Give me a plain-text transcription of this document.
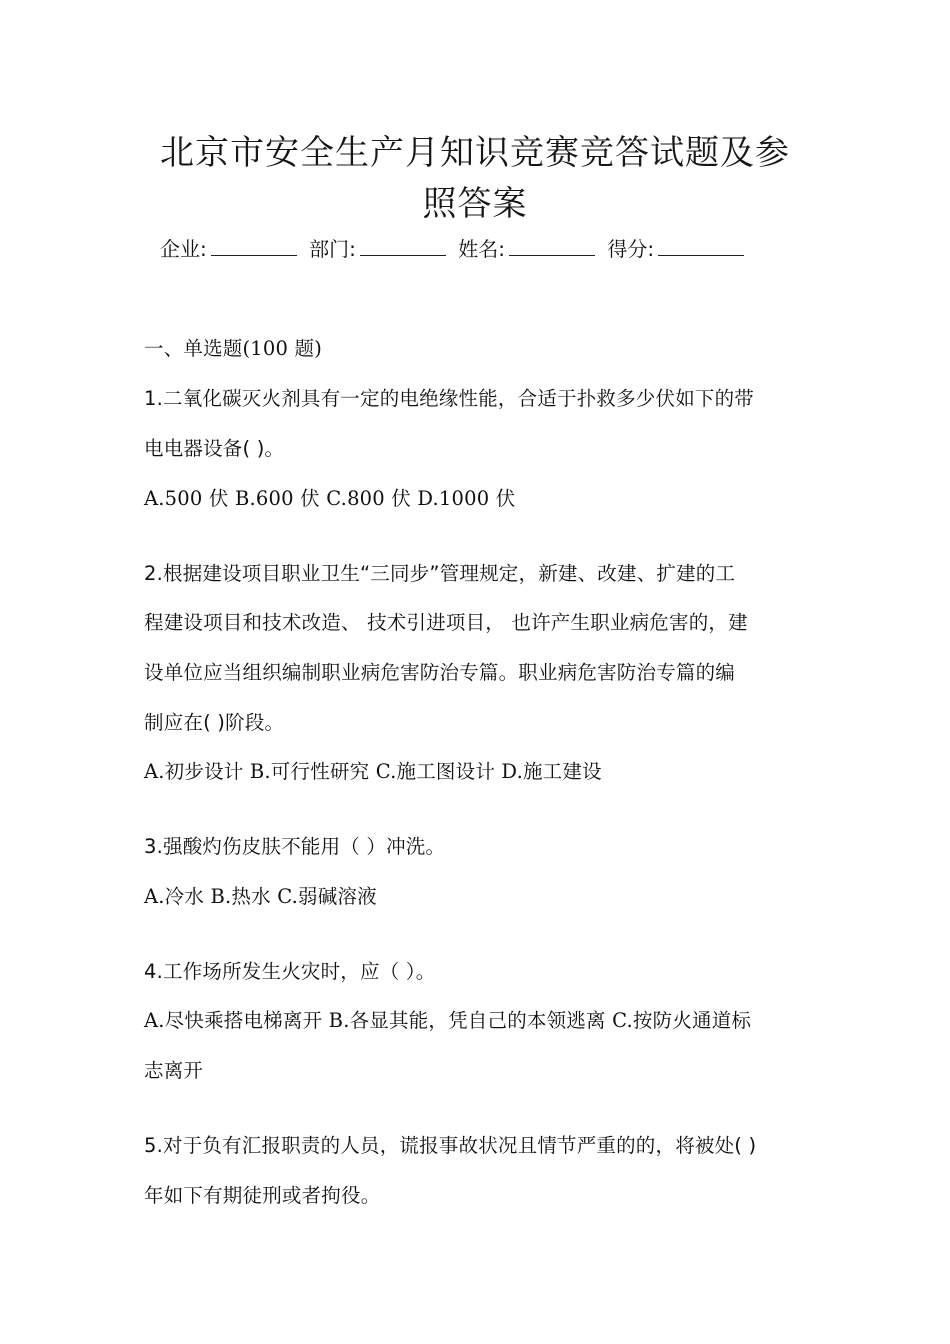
北京市安全生产月知识竞赛竞答试题及参
照答案
企业:	部门:	姓名:	得分:
一、单选题(100 题)
1.二氧化碳灭火剂具有一定的电绝缘性能，合适于扑救多少伏如下的带
电电器设备( )。
A.500 伏 B.600 伏 C.800 伏 D.1000 伏
2.根据建设项目职业卫生“三同步”管理规定，新建、改建、扩建的工
程建设项目和技术改造、 技术引进项目， 也许产生职业病危害的，建
设单位应当组织编制职业病危害防治专篇。职业病危害防治专篇的编
制应在( )阶段。
A.初步设计 B.可行性研究 C.施工图设计 D.施工建设
3.强酸灼伤皮肤不能用（ ）冲洗。
A.冷水 B.热水 C.弱碱溶液
4.工作场所发生火灾时，应（ ）。
A.尽快乘搭电梯离开 B.各显其能，凭自己的本领逃离 C.按防火通道标
志离开
5.对于负有汇报职责的人员，谎报事故状况且情节严重的的，将被处( )
年如下有期徒刑或者拘役。
